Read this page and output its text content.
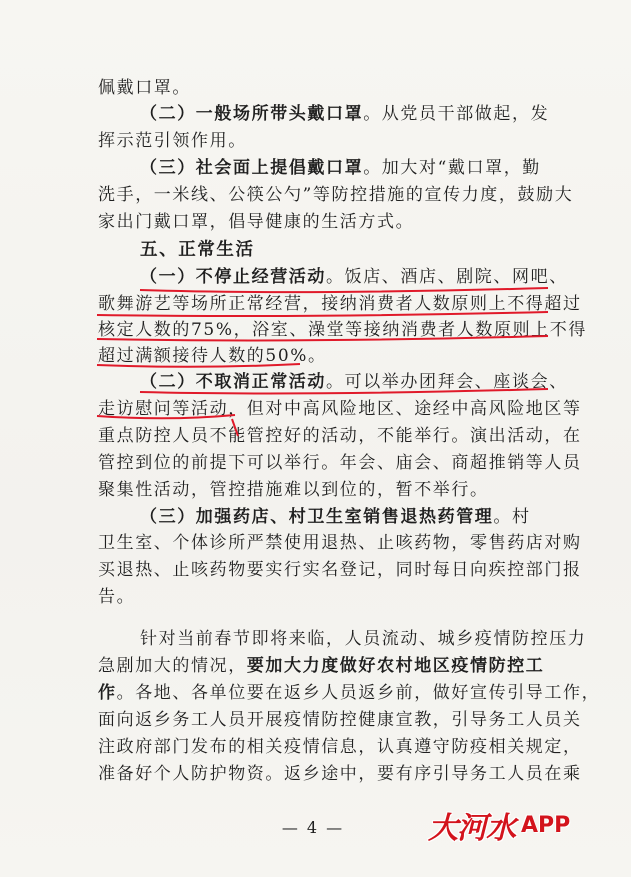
佩戴口罩。
（二）一般场所带头戴口罩。从党员干部做起，发
挥示范引领作用。
（三）社会面上提倡戴口罩。加大对“戴口罩，勤
洗手，一米线、公筷公勺”等防控措施的宣传力度，鼓励大
家出门戴口罩，倡导健康的生活方式。
五、正常生活
（一）不停止经营活动。饭店、酒店、剧院、网吧、
歌舞游艺等场所正常经营，接纳消费者人数原则上不得超过
核定人数的75%，浴室、澡堂等接纳消费者人数原则上不得
超过满额接待人数的50%。
（二）不取消正常活动。可以举办团拜会、座谈会、
走访慰问等活动，但对中高风险地区、途经中高风险地区等
重点防控人员不能管控好的活动，不能举行。演出活动，在
管控到位的前提下可以举行。年会、庙会、商超推销等人员
聚集性活动，管控措施难以到位的，暂不举行。
（三）加强药店、村卫生室销售退热药管理。村
卫生室、个体诊所严禁使用退热、止咳药物，零售药店对购
买退热、止咳药物要实行实名登记，同时每日向疾控部门报
告。
针对当前春节即将来临，人员流动、城乡疫情防控压力
急剧加大的情况，要加大力度做好农村地区疫情防控工
作。各地、各单位要在返乡人员返乡前，做好宣传引导工作，
面向返乡务工人员开展疫情防控健康宣教，引导务工人员关
注政府部门发布的相关疫情信息，认真遵守防疫相关规定，
准备好个人防护物资。返乡途中，要有序引导务工人员在乘
— 4 —	大河水 APP
